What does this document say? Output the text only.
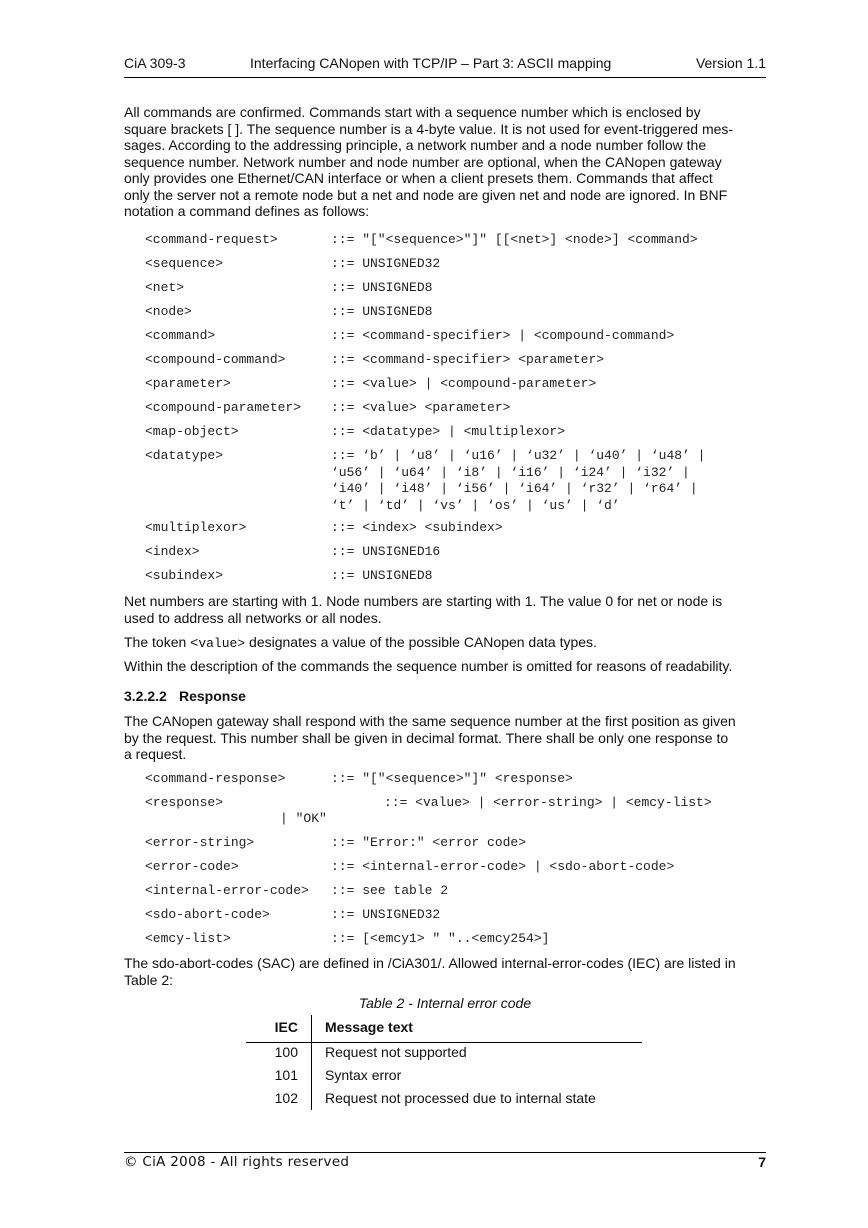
CiA 309-3	Interfacing CANopen with TCP/IP – Part 3: ASCII mapping	Version 1.1
All commands are confirmed. Commands start with a sequence number which is enclosed by
square brackets [ ]. The sequence number is a 4-byte value. It is not used for event-triggered mes-
sages. According to the addressing principle, a network number and a node number follow the
sequence number. Network number and node number are optional, when the CANopen gateway
only provides one Ethernet/CAN interface or when a client presets them. Commands that affect
only the server not a remote node but a net and node are given net and node are ignored. In BNF
notation a command defines as follows:
<command-request>	::= "["<sequence>"]" [[<net>] <node>] <command>
<sequence>	::= UNSIGNED32
<net>	::= UNSIGNED8
<node>	::= UNSIGNED8
<command>	::= <command-specifier> | <compound-command>
<compound-command>	::= <command-specifier> <parameter>
<parameter>	::= <value> | <compound-parameter>
<compound-parameter> ::= <value> <parameter>
<map-object>	::= <datatype> | <multiplexor>
<datatype>	::= ‘b’ | ‘u8’ | ‘u16’ | ‘u32’ | ‘u40’ | ‘u48’ |
‘u56’ | ‘u64’ | ‘i8’ | ‘i16’ | ‘i24’ | ‘i32’ |
‘i40’ | ‘i48’ | ‘i56’ | ‘i64’ | ‘r32’ | ‘r64’ |
‘t’ | ‘td’ | ‘vs’ | ‘os’ | ‘us’ | ‘d’
<multiplexor>	::= <index> <subindex>
<index>	::= UNSIGNED16
<subindex>	::= UNSIGNED8
Net numbers are starting with 1. Node numbers are starting with 1. The value 0 for net or node is
used to address all networks or all nodes.
The token <value> designates a value of the possible CANopen data types.
Within the description of the commands the sequence number is omitted for reasons of readability.
3.2.2.2 Response
The CANopen gateway shall respond with the same sequence number at the first position as given
by the request. This number shall be given in decimal format. There shall be only one response to
a request.
<command-response>	::= "["<sequence>"]" <response>
<response>	::= <value> | <error-string> | <emcy-list>
| "OK"
<error-string>	::= "Error:" <error code>
<error-code>	::= <internal-error-code> | <sdo-abort-code>
<internal-error-code> ::= see table 2
<sdo-abort-code>	::= UNSIGNED32
<emcy-list>	::= [<emcy1> " "..<emcy254>]
The sdo-abort-codes (SAC) are defined in /CiA301/. Allowed internal-error-codes (IEC) are listed in
Table 2:
Table 2 - Internal error code
IEC Message text
100 Request not supported
101 Syntax error
102 Request not processed due to internal state
© CiA 2008 - All rights reserved	7
